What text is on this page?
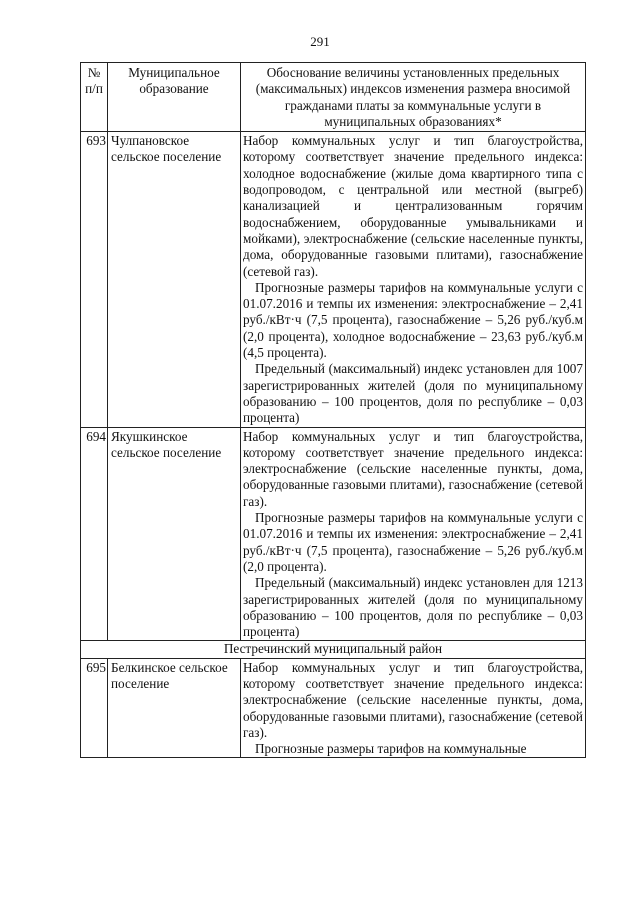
291
№ п/п	Муниципальное образование	Обоснование величины установленных предельных (максимальных) индексов изменения размера вносимой гражданами платы за коммунальные услуги в муниципальных образованиях*
693	Чулпановское сельское поселение	Набор коммунальных услуг и тип благоустройства, которому соответствует значение предельного индекса: холодное водоснабжение (жилые дома квартирного типа с водопроводом, с центральной или местной (выгреб) канализацией и централизованным горячим водоснабжением, оборудованные умывальниками и мойками), электроснабжение (сельские населенные пункты, дома, оборудованные газовыми плитами), газоснабжение (сетевой газ).

Прогнозные размеры тарифов на коммунальные услуги с 01.07.2016 и темпы их изменения: электроснабжение – 2,41 руб./кВт·ч (7,5 процента), газоснабжение – 5,26 руб./куб.м (2,0 процента), холодное водоснабжение – 23,63 руб./куб.м (4,5 процента).

Предельный (максимальный) индекс установлен для 1007 зарегистрированных жителей (доля по муниципальному образованию – 100 процентов, доля по республике – 0,03 процента)

694	Якушкинское сельское поселение	Набор коммунальных услуг и тип благоустройства, которому соответствует значение предельного индекса: электроснабжение (сельские населенные пункты, дома, оборудованные газовыми плитами), газоснабжение (сетевой газ).

Прогнозные размеры тарифов на коммунальные услуги с 01.07.2016 и темпы их изменения: электроснабжение – 2,41 руб./кВт·ч (7,5 процента), газоснабжение – 5,26 руб./куб.м (2,0 процента).

Предельный (максимальный) индекс установлен для 1213 зарегистрированных жителей (доля по муниципальному образованию – 100 процентов, доля по республике – 0,03 процента)

Пестречинский муниципальный район		
695	Белкинское сельское поселение	Набор коммунальных услуг и тип благоустройства, которому соответствует значение предельного индекса: электроснабжение (сельские населенные пункты, дома, оборудованные газовыми плитами), газоснабжение (сетевой газ).

Прогнозные размеры тарифов на коммунальные
